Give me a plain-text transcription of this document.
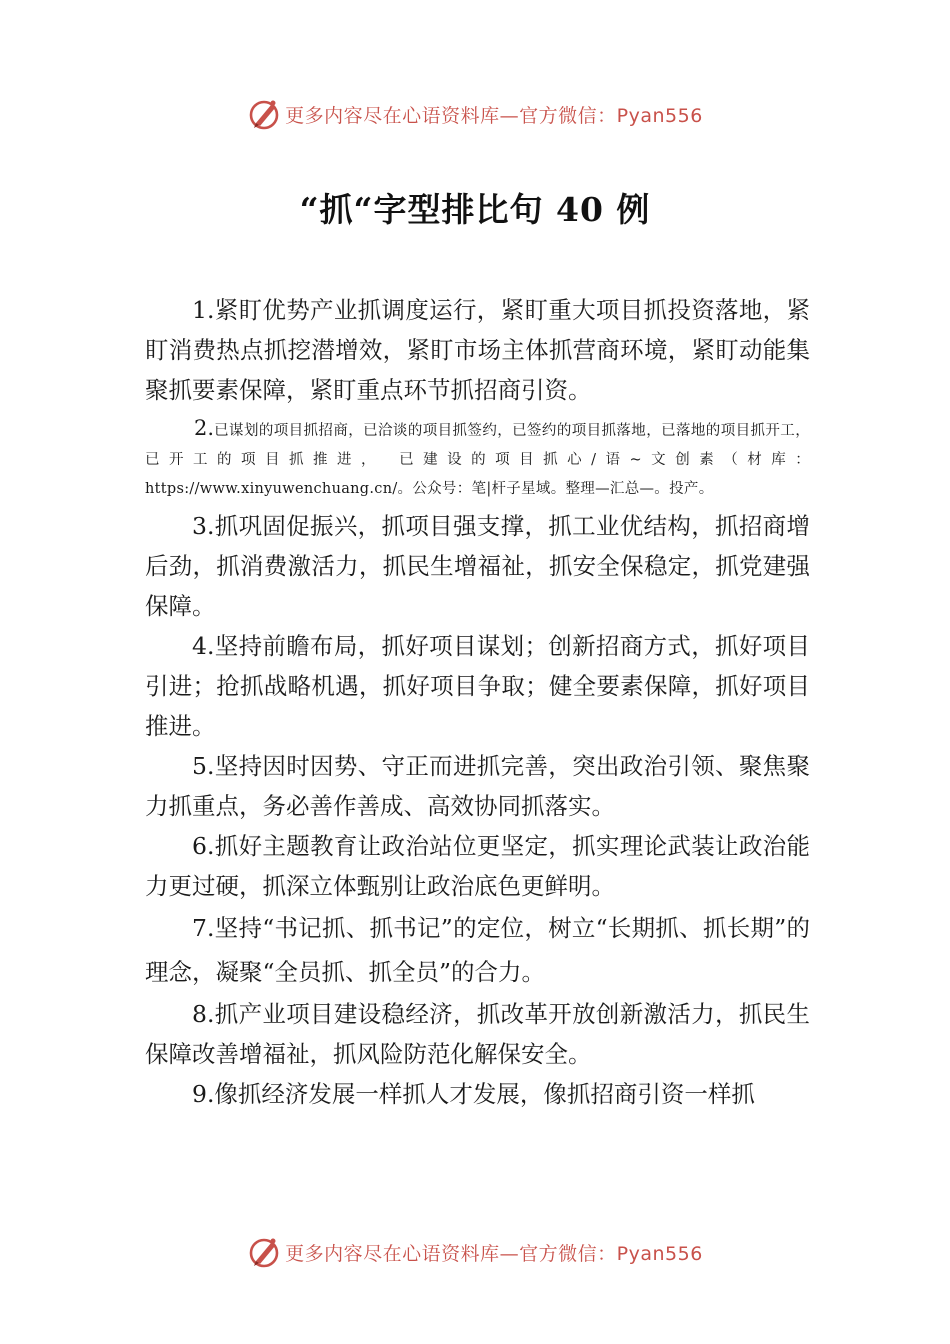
更多内容尽在心语资料库—官方微信：Pyan556
“抓“字型排比句 40 例

1.紧盯优势产业抓调度运行，紧盯重大项目抓投资落地，紧盯消费热点抓挖潜增效，紧盯市场主体抓营商环境，紧盯动能集聚抓要素保障，紧盯重点环节抓招商引资。

2.已谋划的项目抓招商，已洽谈的项目抓签约，已签约的项目抓落地，已落地的项目抓开工，已开工的项目抓推进， 已建设的项目抓心/语~文创素（材库：https://www.xinyuwenchuang.cn/。公众号：笔|杆子星域。整理—汇总—。投产。

3.抓巩固促振兴，抓项目强支撑，抓工业优结构，抓招商增后劲，抓消费激活力，抓民生增福祉，抓安全保稳定，抓党建强保障。

4.坚持前瞻布局，抓好项目谋划；创新招商方式，抓好项目引进；抢抓战略机遇，抓好项目争取；健全要素保障，抓好项目推进。

5.坚持因时因势、守正而进抓完善，突出政治引领、聚焦聚力抓重点，务必善作善成、高效协同抓落实。

6.抓好主题教育让政治站位更坚定，抓实理论武装让政治能力更过硬，抓深立体甄别让政治底色更鲜明。

7.坚持“书记抓、抓书记”的定位，树立“长期抓、抓长期”的理念，凝聚“全员抓、抓全员”的合力。

8.抓产业项目建设稳经济，抓改革开放创新激活力，抓民生保障改善增福祉，抓风险防范化解保安全。

9.像抓经济发展一样抓人才发展，像抓招商引资一样抓

更多内容尽在心语资料库—官方微信：Pyan556
